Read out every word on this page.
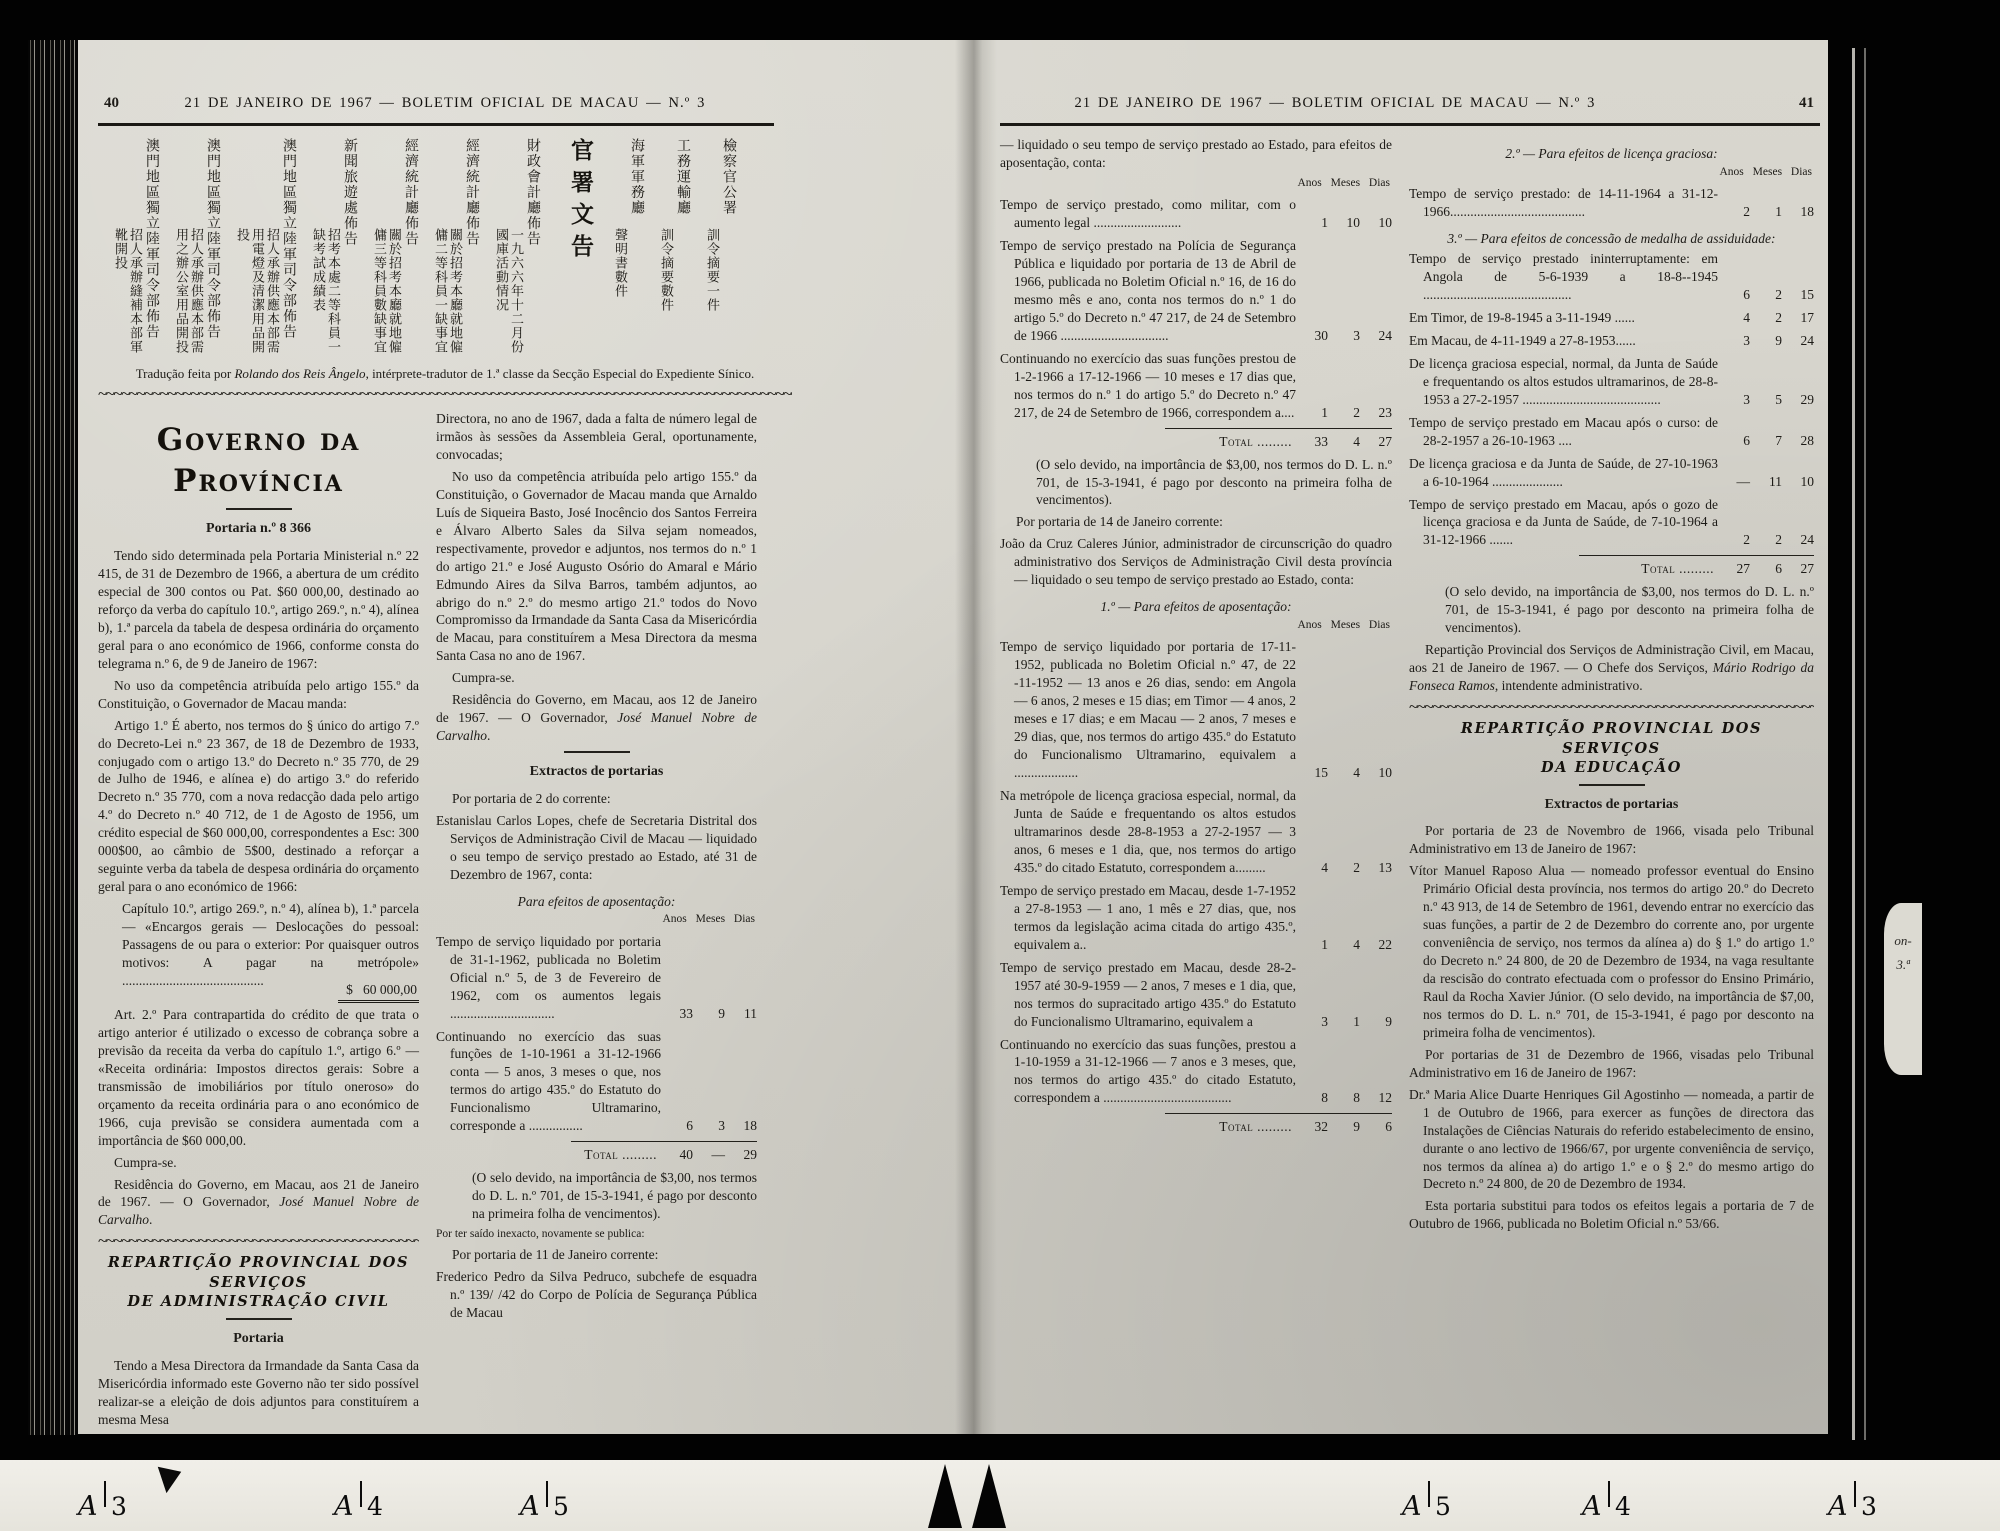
40	21 DE JANEIRO DE 1967 — BOLETIM OFICIAL DE MACAU — N.º 3
檢察官公署
訓令摘要一件
工務運輸廳
訓令摘要數件
海軍軍務廳
聲明書數件
官署文告
財政會計廳佈告
一九六六年十二月份國庫活動情况
經濟統計廳佈告
關於招考本廳就地僱傭二等科員一缺事宜
經濟統計廳佈告
關於招考本廳就地僱傭三等科員數缺事宜
新聞旅遊處佈告
招考本處二等科員一缺考試成績表
澳門地區獨立陸軍司令部佈告
招人承辦供應本部需用電燈及清潔用品開投
澳門地區獨立陸軍司令部佈告
招人承辦供應本部需用之辦公室用品開投
澳門地區獨立陸軍司令部佈告
招人承辦縫補本部軍靴開投
Tradução feita por Rolando dos Reis Ângelo, intérprete-tradutor de 1.ª classe da Secção Especial do Expediente Sínico.
~~~~~
Governo da Província
Portaria n.º 8 366

Tendo sido determinada pela Portaria Ministerial n.º 22 415, de 31 de Dezembro de 1966, a abertura de um crédito especial de 300 contos ou Pat. $60 000,00, destinado ao reforço da verba do capítulo 10.º, artigo 269.º, n.º 4), alínea b), 1.ª parcela da tabela de despesa ordinária do orçamento geral para o ano económico de 1966, conforme consta do telegrama n.º 6, de 9 de Janeiro de 1967:

No uso da competência atribuída pelo artigo 155.º da Constituição, o Governador de Macau manda:

Artigo 1.º É aberto, nos termos do § único do artigo 7.º do Decreto-Lei n.º 23 367, de 18 de Dezembro de 1933, conjugado com o artigo 13.º do Decreto n.º 35 770, de 29 de Julho de 1946, e alínea e) do artigo 3.º do referido Decreto n.º 35 770, com a nova redacção dada pelo artigo 4.º do Decreto n.º 40 712, de 1 de Agosto de 1956, um crédito especial de $60 000,00, correspondentes a Esc: 300 000$00, ao câmbio de 5$00, destinado a reforçar a seguinte verba da tabela de despesa ordinária do orçamento geral para o ano económico de 1966:

Capítulo 10.º, artigo 269.º, n.º 4), alínea b), 1.ª parcela — «Encargos gerais — Deslocações do pessoal: Passagens de ou para o exterior: Por quaisquer outros motivos: A pagar na metrópole» ..........................................
$   60 000,00

Art. 2.º Para contrapartida do crédito de que trata o artigo anterior é utilizado o excesso de cobrança sobre a previsão da receita da verba do capítulo 1.º, artigo 6.º — «Receita ordinária: Impostos directos gerais: Sobre a transmissão de imobiliários por título oneroso» do orçamento da receita ordinária para o ano económico de 1966, cuja previsão se considera aumentada com a importância de $60 000,00.

Cumpra-se.

Residência do Governo, em Macau, aos 21 de Janeiro de 1967. — O Governador, José Manuel Nobre de Carvalho.

~~~~~
REPARTIÇÃO PROVINCIAL DOS SERVIÇOS
DE ADMINISTRAÇÃO CIVIL
Portaria

Tendo a Mesa Directora da Irmandade da Santa Casa da Misericórdia informado este Governo não ter sido possível realizar-se a eleição de dois adjuntos para constituírem a mesma Mesa

Directora, no ano de 1967, dada a falta de número legal de irmãos às sessões da Assembleia Geral, oportunamente, convocadas;

No uso da competência atribuída pelo artigo 155.º da Constituição, o Governador de Macau manda que Arnaldo Luís de Siqueira Basto, José Inocêncio dos Santos Ferreira e Álvaro Alberto Sales da Silva sejam nomeados, respectivamente, provedor e adjuntos, nos termos do n.º 1 do artigo 21.º e José Augusto Osório do Amaral e Mário Edmundo Aires da Silva Barros, também adjuntos, ao abrigo do n.º 2.º do mesmo artigo 21.º todos do Novo Compromisso da Irmandade da Santa Casa da Misericórdia de Macau, para constituírem a Mesa Directora da mesma Santa Casa no ano de 1967.

Cumpra-se.

Residência do Governo, em Macau, aos 12 de Janeiro de 1967. — O Governador, José Manuel Nobre de Carvalho.

Extractos de portarias

Por portaria de 2 do corrente:

Estanislau Carlos Lopes, chefe de Secretaria Distrital dos Serviços de Administração Civil de Macau — liquidado o seu tempo de serviço prestado ao Estado, até 31 de Dezembro de 1967, conta:

Para efeitos de aposentação:
Anos Meses Dias

Tempo de serviço liquidado por portaria de 31-1-1962, publicada no Boletim Oficial n.º 5, de 3 de Fevereiro de 1962, com os aumentos legais ...............................	33	9	11

Continuando no exercício das suas funções de 1-10-1961 a 31-12-1966 conta — 5 anos, 3 meses o que, nos termos do artigo 435.º do Estatuto do Funcionalismo Ultramarino, corresponde a ................	6	3	18
Total .........	40	—	29

(O selo devido, na importância de $3,00, nos termos do D. L. n.º 701, de 15-3-1941, é pago por desconto na primeira folha de vencimentos).

Por ter saído inexacto, novamente se publica:

Por portaria de 11 de Janeiro corrente:

Frederico Pedro da Silva Pedruco, subchefe de esquadra n.º 139/ /42 do Corpo de Polícia de Segurança Pública de Macau

21 DE JANEIRO DE 1967 — BOLETIM OFICIAL DE MACAU — N.º 3	41

— liquidado o seu tempo de serviço prestado ao Estado, para efeitos de aposentação, conta:

Anos Meses Dias

Tempo de serviço prestado, como militar, com o aumento legal ..........................	1	10	10

Tempo de serviço prestado na Polícia de Segurança Pública e liquidado por portaria de 13 de Abril de 1966, publicada no Boletim Oficial n.º 16, de 16 do mesmo mês e ano, conta nos termos do n.º 1 do artigo 5.º do Decreto n.º 47 217, de 24 de Setembro de 1966 ................................	30	3	24

Continuando no exercício das suas funções prestou de 1-2-1966 a 17-12-1966 — 10 meses e 17 dias que, nos termos do n.º 1 do artigo 5.º do Decreto n.º 47 217, de 24 de Setembro de 1966, correspondem a....	1	2	23
Total .........	33	4	27

(O selo devido, na importância de $3,00, nos termos do D. L. n.º 701, de 15-3-1941, é pago por desconto na primeira folha de vencimentos).

Por portaria de 14 de Janeiro corrente:

João da Cruz Caleres Júnior, administrador de circunscrição do quadro administrativo dos Serviços de Administração Civil desta província — liquidado o seu tempo de serviço prestado ao Estado, conta:

1.º — Para efeitos de aposentação:
Anos Meses Dias

Tempo de serviço liquidado por portaria de 17-11-1952, publicada no Boletim Oficial n.º 47, de 22 -11-1952 — 13 anos e 26 dias, sendo: em Angola — 6 anos, 2 meses e 15 dias; em Timor — 4 anos, 2 meses e 17 dias; e em Macau — 2 anos, 7 meses e 29 dias, que, nos termos do artigo 435.º do Estatuto do Funcionalismo Ultramarino, equivalem a ...................	15	4	10

Na metrópole de licença graciosa especial, normal, da Junta de Saúde e frequentando os altos estudos ultramarinos desde 28-8-1953 a 27-2-1957 — 3 anos, 6 meses e 1 dia, que, nos termos do artigo 435.º do citado Estatuto, correspondem a.........	4	2	13

Tempo de serviço prestado em Macau, desde 1-7-1952 a 27-8-1953 — 1 ano, 1 mês e 27 dias, que, nos termos da legislação acima citada do artigo 435.º, equivalem a..	1	4	22

Tempo de serviço prestado em Macau, desde 28-2-1957 até 30-9-1959 — 2 anos, 7 meses e 1 dia, que, nos termos do supracitado artigo 435.º do Estatuto do Funcionalismo Ultramarino, equivalem a	3	1	9

Continuando no exercício das suas funções, prestou a 1-10-1959 a 31-12-1966 — 7 anos e 3 meses, que, nos termos do artigo 435.º do citado Estatuto, correspondem a ......................................	8	8	12
Total .........	32	9	6
2.º — Para efeitos de licença graciosa:
Anos Meses Dias

Tempo de serviço prestado: de 14-11-1964 a 31-12-1966........................................	2	1	18
3.º — Para efeitos de concessão de medalha de assiduidade:

Tempo de serviço prestado ininterruptamente: em Angola de 5-6-1939 a 18-8--1945 ............................................	6	2	15

Em Timor, de 19-8-1945 a 3-11-1949 ......	4	2	17

Em Macau, de 4-11-1949 a 27-8-1953......	3	9	24

De licença graciosa especial, normal, da Junta de Saúde e frequentando os altos estudos ultramarinos, de 28-8-1953 a 27-2-1957 .........................................	3	5	29

Tempo de serviço prestado em Macau após o curso: de 28-2-1957 a 26-10-1963 ....	6	7	28

De licença graciosa e da Junta de Saúde, de 27-10-1963 a 6-10-1964 .....................	—	11	10

Tempo de serviço prestado em Macau, após o gozo de licença graciosa e da Junta de Saúde, de 7-10-1964 a 31-12-1966 .......	2	2	24
Total .........	27	6	27

(O selo devido, na importância de $3,00, nos termos do D. L. n.º 701, de 15-3-1941, é pago por desconto na primeira folha de vencimentos).

Repartição Provincial dos Serviços de Administração Civil, em Macau, aos 21 de Janeiro de 1967. — O Chefe dos Serviços, Mário Rodrigo da Fonseca Ramos, intendente administrativo.

~~~~~
REPARTIÇÃO PROVINCIAL DOS SERVIÇOS
DA EDUCAÇÃO
Extractos de portarias

Por portaria de 23 de Novembro de 1966, visada pelo Tribunal Administrativo em 13 de Janeiro de 1967:

Vítor Manuel Raposo Alua — nomeado professor eventual do Ensino Primário Oficial desta província, nos termos do artigo 20.º do Decreto n.º 43 913, de 14 de Setembro de 1961, devendo entrar no exercício das suas funções, a partir de 2 de Dezembro do corrente ano, por urgente conveniência de serviço, nos termos da alínea a) do § 1.º do artigo 1.º do Decreto n.º 24 800, de 20 de Dezembro de 1934, na vaga resultante da rescisão do contrato efectuada com o professor do Ensino Primário, Raul da Rocha Xavier Júnior. (O selo devido, na importância de $7,00, nos termos do D. L. n.º 701, de 15-3-1941, é pago por desconto na primeira folha de vencimentos).

Por portarias de 31 de Dezembro de 1966, visadas pelo Tribunal Administrativo em 16 de Janeiro de 1967:

Dr.ª Maria Alice Duarte Henriques Gil Agostinho — nomeada, a partir de 1 de Outubro de 1966, para exercer as funções de directora das Instalações de Ciências Naturais do referido estabelecimento de ensino, durante o ano lectivo de 1966/67, por urgente conveniência de serviço, nos termos da alínea a) do artigo 1.º e o § 2.º do mesmo artigo do Decreto n.º 24 800, de 20 de Dezembro de 1934.

Esta portaria substitui para todos os efeitos legais a portaria de 7 de Outubro de 1966, publicada no Boletim Oficial n.º 53/66.

on-
3.ª
A 3	A 4	A 5	A 5	A 4	A 3
